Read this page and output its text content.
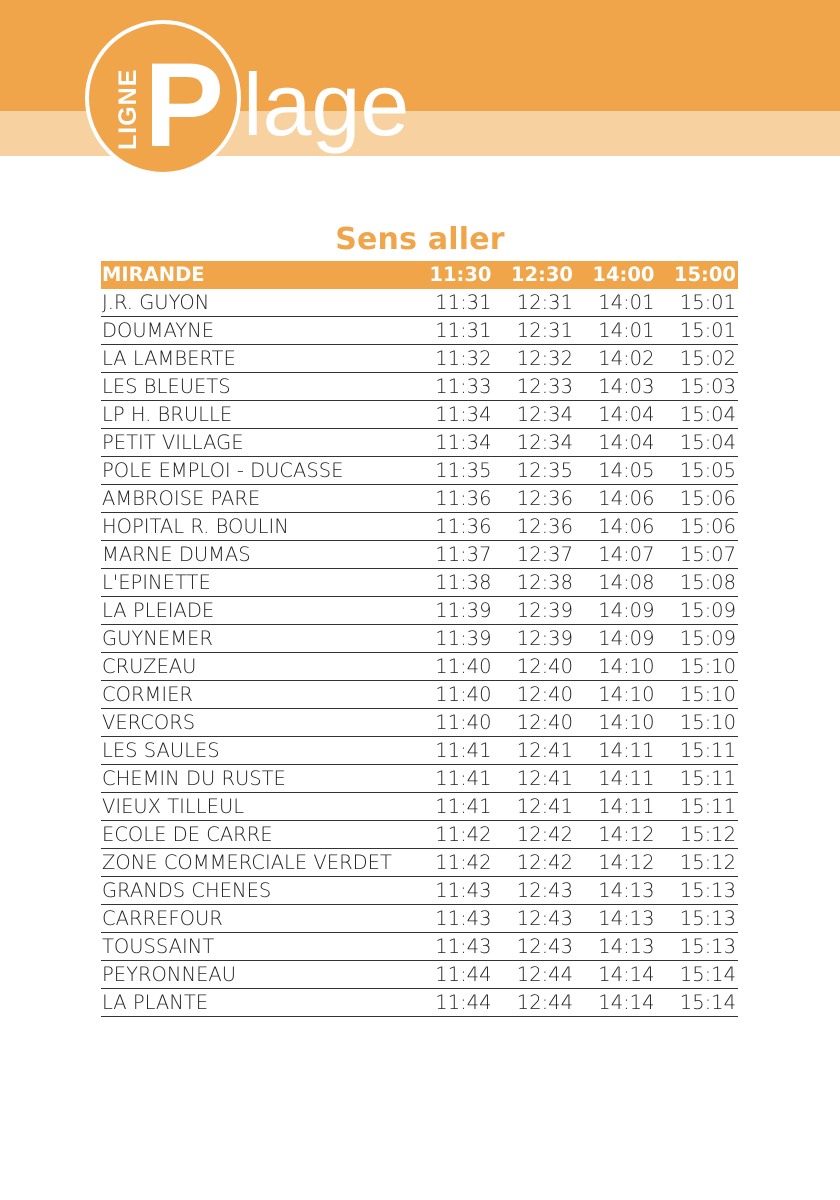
LIGNE P lage
Sens aller
MIRANDE	11:30	12:30	14:00	15:00
J.R. GUYON	11:31	12:31	14:01	15:01
DOUMAYNE	11:31	12:31	14:01	15:01
LA LAMBERTE	11:32	12:32	14:02	15:02
LES BLEUETS	11:33	12:33	14:03	15:03
LP H. BRULLE	11:34	12:34	14:04	15:04
PETIT VILLAGE	11:34	12:34	14:04	15:04
POLE EMPLOI - DUCASSE	11:35	12:35	14:05	15:05
AMBROISE PARE	11:36	12:36	14:06	15:06
HOPITAL R. BOULIN	11:36	12:36	14:06	15:06
MARNE DUMAS	11:37	12:37	14:07	15:07
L'EPINETTE	11:38	12:38	14:08	15:08
LA PLEIADE	11:39	12:39	14:09	15:09
GUYNEMER	11:39	12:39	14:09	15:09
CRUZEAU	11:40	12:40	14:10	15:10
CORMIER	11:40	12:40	14:10	15:10
VERCORS	11:40	12:40	14:10	15:10
LES SAULES	11:41	12:41	14:11	15:11
CHEMIN DU RUSTE	11:41	12:41	14:11	15:11
VIEUX TILLEUL	11:41	12:41	14:11	15:11
ECOLE DE CARRE	11:42	12:42	14:12	15:12
ZONE COMMERCIALE VERDET	11:42	12:42	14:12	15:12
GRANDS CHENES	11:43	12:43	14:13	15:13
CARREFOUR	11:43	12:43	14:13	15:13
TOUSSAINT	11:43	12:43	14:13	15:13
PEYRONNEAU	11:44	12:44	14:14	15:14
LA PLANTE	11:44	12:44	14:14	15:14
